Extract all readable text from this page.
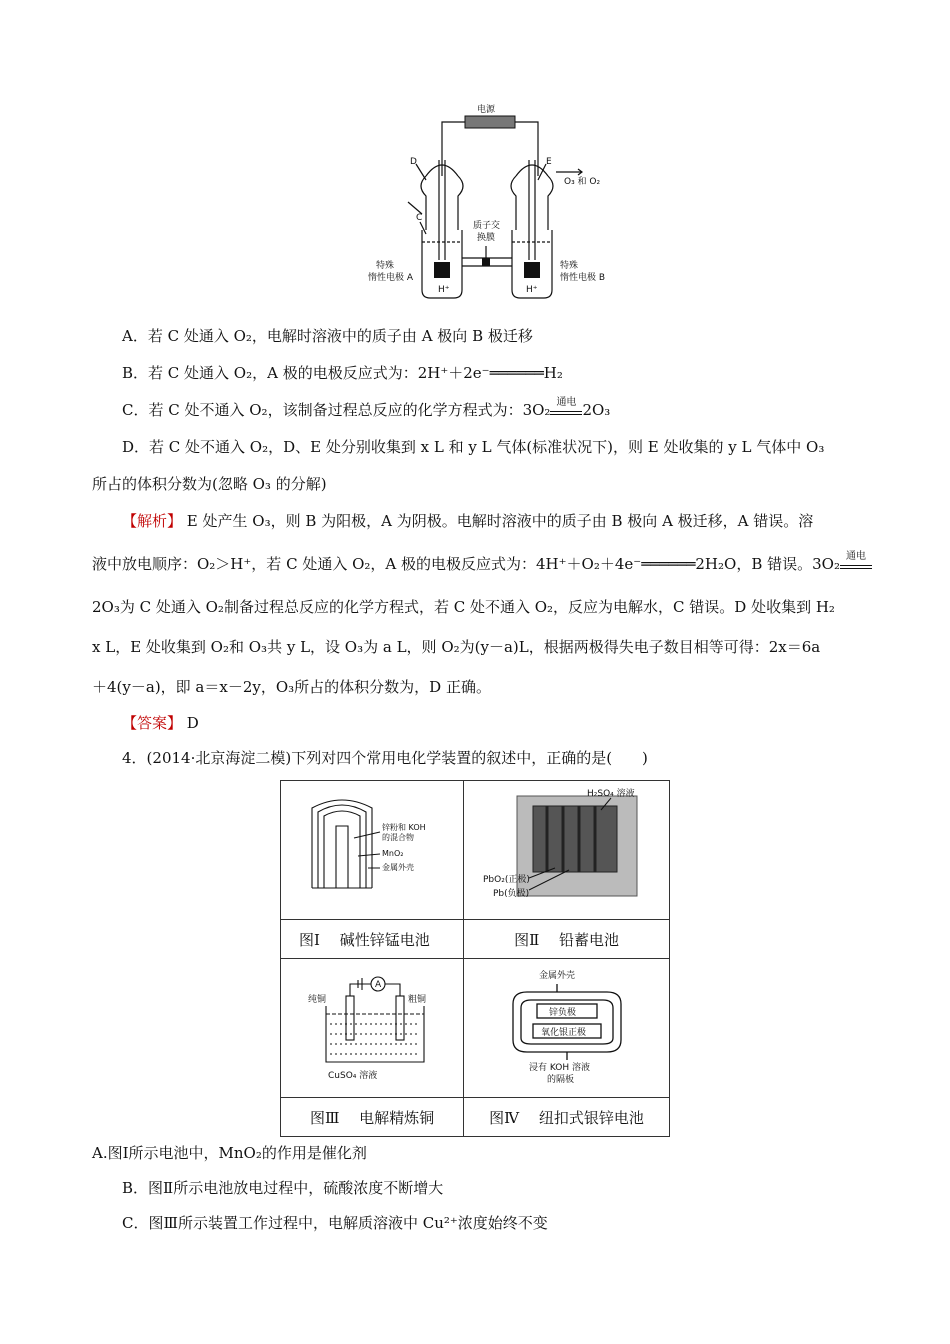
电源
D	E
C
O₃ 和 O₂
质子交
换膜
特殊
惰性电极 A
特殊
惰性电极 B
H⁺	H⁺
A．若 C 处通入 O₂，电解时溶液中的质子由 A 极向 B 极迁移
B．若 C 处通入 O₂，A 极的电极反应式为：2H⁺＋2e⁻══════H₂
C．若 C 处不通入 O₂，该制备过程总反应的化学方程式为：3O₂ 通电 2O₃
D．若 C 处不通入 O₂，D、E 处分别收集到 x L 和 y L 气体(标准状况下)，则 E 处收集的 y L 气体中 O₃
所占的体积分数为(忽略 O₃ 的分解)
【解析】 E 处产生 O₃，则 B 为阳极，A 为阴极。电解时溶液中的质子由 B 极向 A 极迁移，A 错误。溶
液中放电顺序：O₂＞H⁺，若 C 处通入 O₂，A 极的电极反应式为：4H⁺＋O₂＋4e⁻══════2H₂O，B 错误。3O₂ 通电
2O₃为 C 处通入 O₂制备过程总反应的化学方程式，若 C 处不通入 O₂，反应为电解水，C 错误。D 处收集到 H₂
x L，E 处收集到 O₂和 O₃共 y L，设 O₃为 a L，则 O₂为(y－a)L，根据两极得失电子数目相等可得：2x＝6a
＋4(y－a)，即 a＝x－2y，O₃所占的体积分数为，D 正确。
【答案】 D
4．(2014·北京海淀二模)下列对四个常用电化学装置的叙述中，正确的是(　　)
锌粉和 KOH
的混合物
MnO₂
金属外壳	H₂SO₄ 溶液
PbO₂(正极)
Pb(负极)

图Ⅰ　 碱性锌锰电池	图Ⅱ　 铅蓄电池

A
纯铜 粗铜
CuSO₄ 溶液	金属外壳
锌负极
氧化银正极
浸有 KOH 溶液
的隔板

图Ⅲ　 电解精炼铜	图Ⅳ　 纽扣式银锌电池
A.图Ⅰ所示电池中，MnO₂的作用是催化剂
B．图Ⅱ所示电池放电过程中，硫酸浓度不断增大
C．图Ⅲ所示装置工作过程中，电解质溶液中 Cu²⁺浓度始终不变
